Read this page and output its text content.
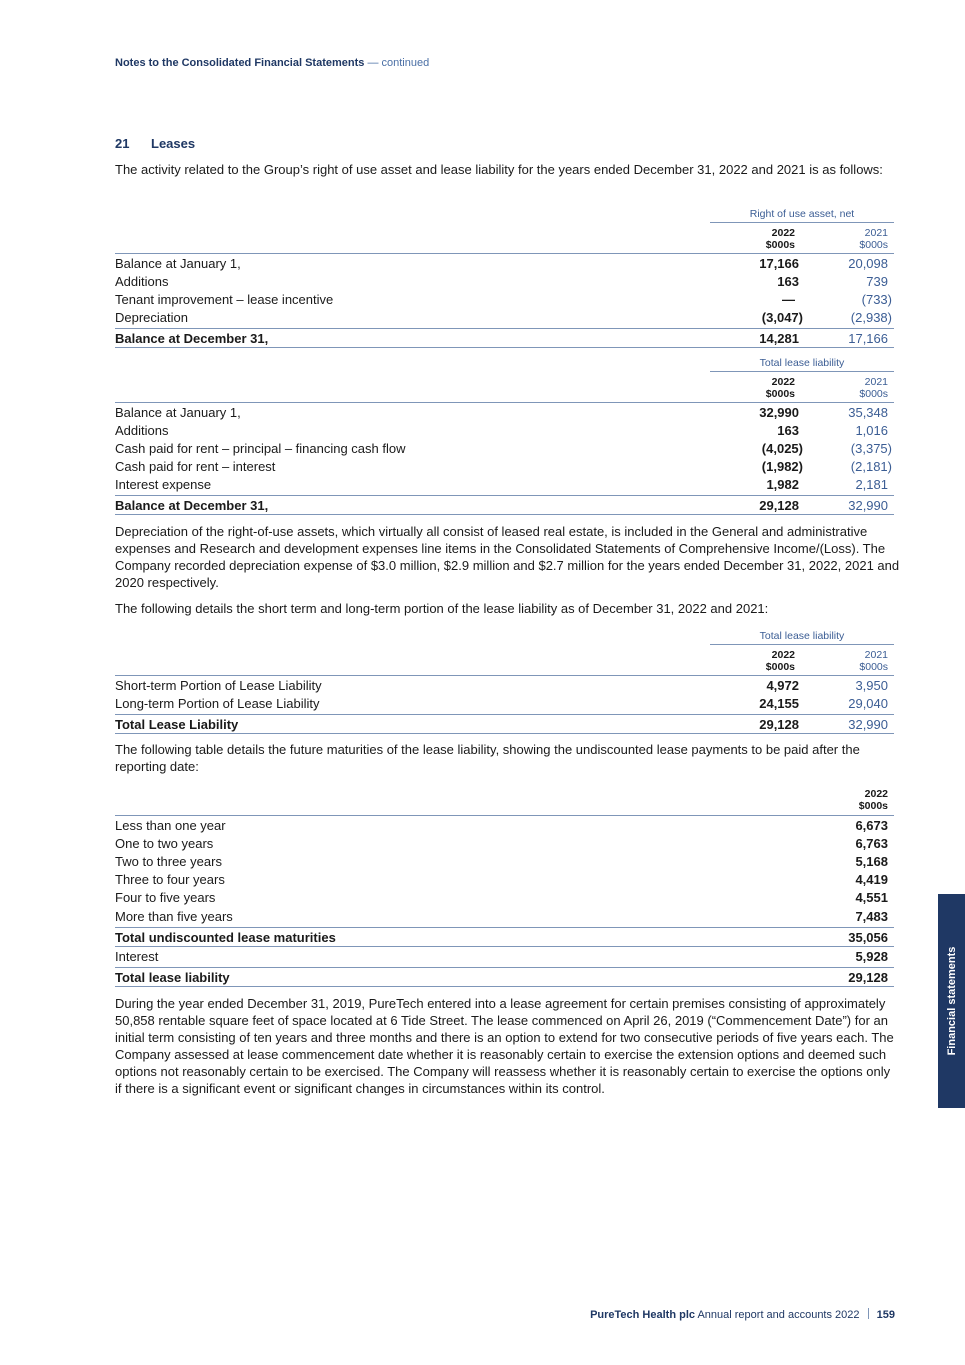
Notes to the Consolidated Financial Statements — continued
21 Leases
The activity related to the Group’s right of use asset and lease liability for the years ended December 31, 2022 and 2021 is as follows:
Right of use asset, net
2022
$000s
2021
$000s
Balance at January 1,	17,166	20,098
Additions	163	739
Tenant improvement – lease incentive	—	(733)
Depreciation	(3,047)	(2,938)
Balance at December 31,	14,281	17,166
Total lease liability
2022
$000s
2021
$000s
Balance at January 1,	32,990	35,348
Additions	163	1,016
Cash paid for rent – principal – financing cash flow	(4,025)	(3,375)
Cash paid for rent – interest	(1,982)	(2,181)
Interest expense	1,982	2,181
Balance at December 31,	29,128	32,990
Depreciation of the right-of-use assets, which virtually all consist of leased real estate, is included in the General and administrative expenses and Research and development expenses line items in the Consolidated Statements of Comprehensive Income/(Loss). The Company recorded depreciation expense of $3.0 million, $2.9 million and $2.7 million for the years ended December 31, 2022, 2021 and 2020 respectively.
The following details the short term and long-term portion of the lease liability as of December 31, 2022 and 2021:
Total lease liability
2022
$000s
2021
$000s
Short-term Portion of Lease Liability	4,972	3,950
Long-term Portion of Lease Liability	24,155	29,040
Total Lease Liability	29,128	32,990
The following table details the future maturities of the lease liability, showing the undiscounted lease payments to be paid after the reporting date:
2022
$000s
Less than one year	6,673
One to two years	6,763
Two to three years	5,168
Three to four years	4,419
Four to five years	4,551
More than five years	7,483
Total undiscounted lease maturities	35,056
Interest	5,928
Total lease liability	29,128
During the year ended December 31, 2019, PureTech entered into a lease agreement for certain premises consisting of approximately 50,858 rentable square feet of space located at 6 Tide Street. The lease commenced on April 26, 2019 (“Commencement Date”) for an initial term consisting of ten years and three months and there is an option to extend for two consecutive periods of five years each. The Company assessed at lease commencement date whether it is reasonably certain to exercise the extension options and deemed such options not reasonably certain to be exercised. The Company will reassess whether it is reasonably certain to exercise the options only if there is a significant event or significant changes in circumstances within its control.
Financial statements
PureTech Health plc Annual report and accounts 2022 159
